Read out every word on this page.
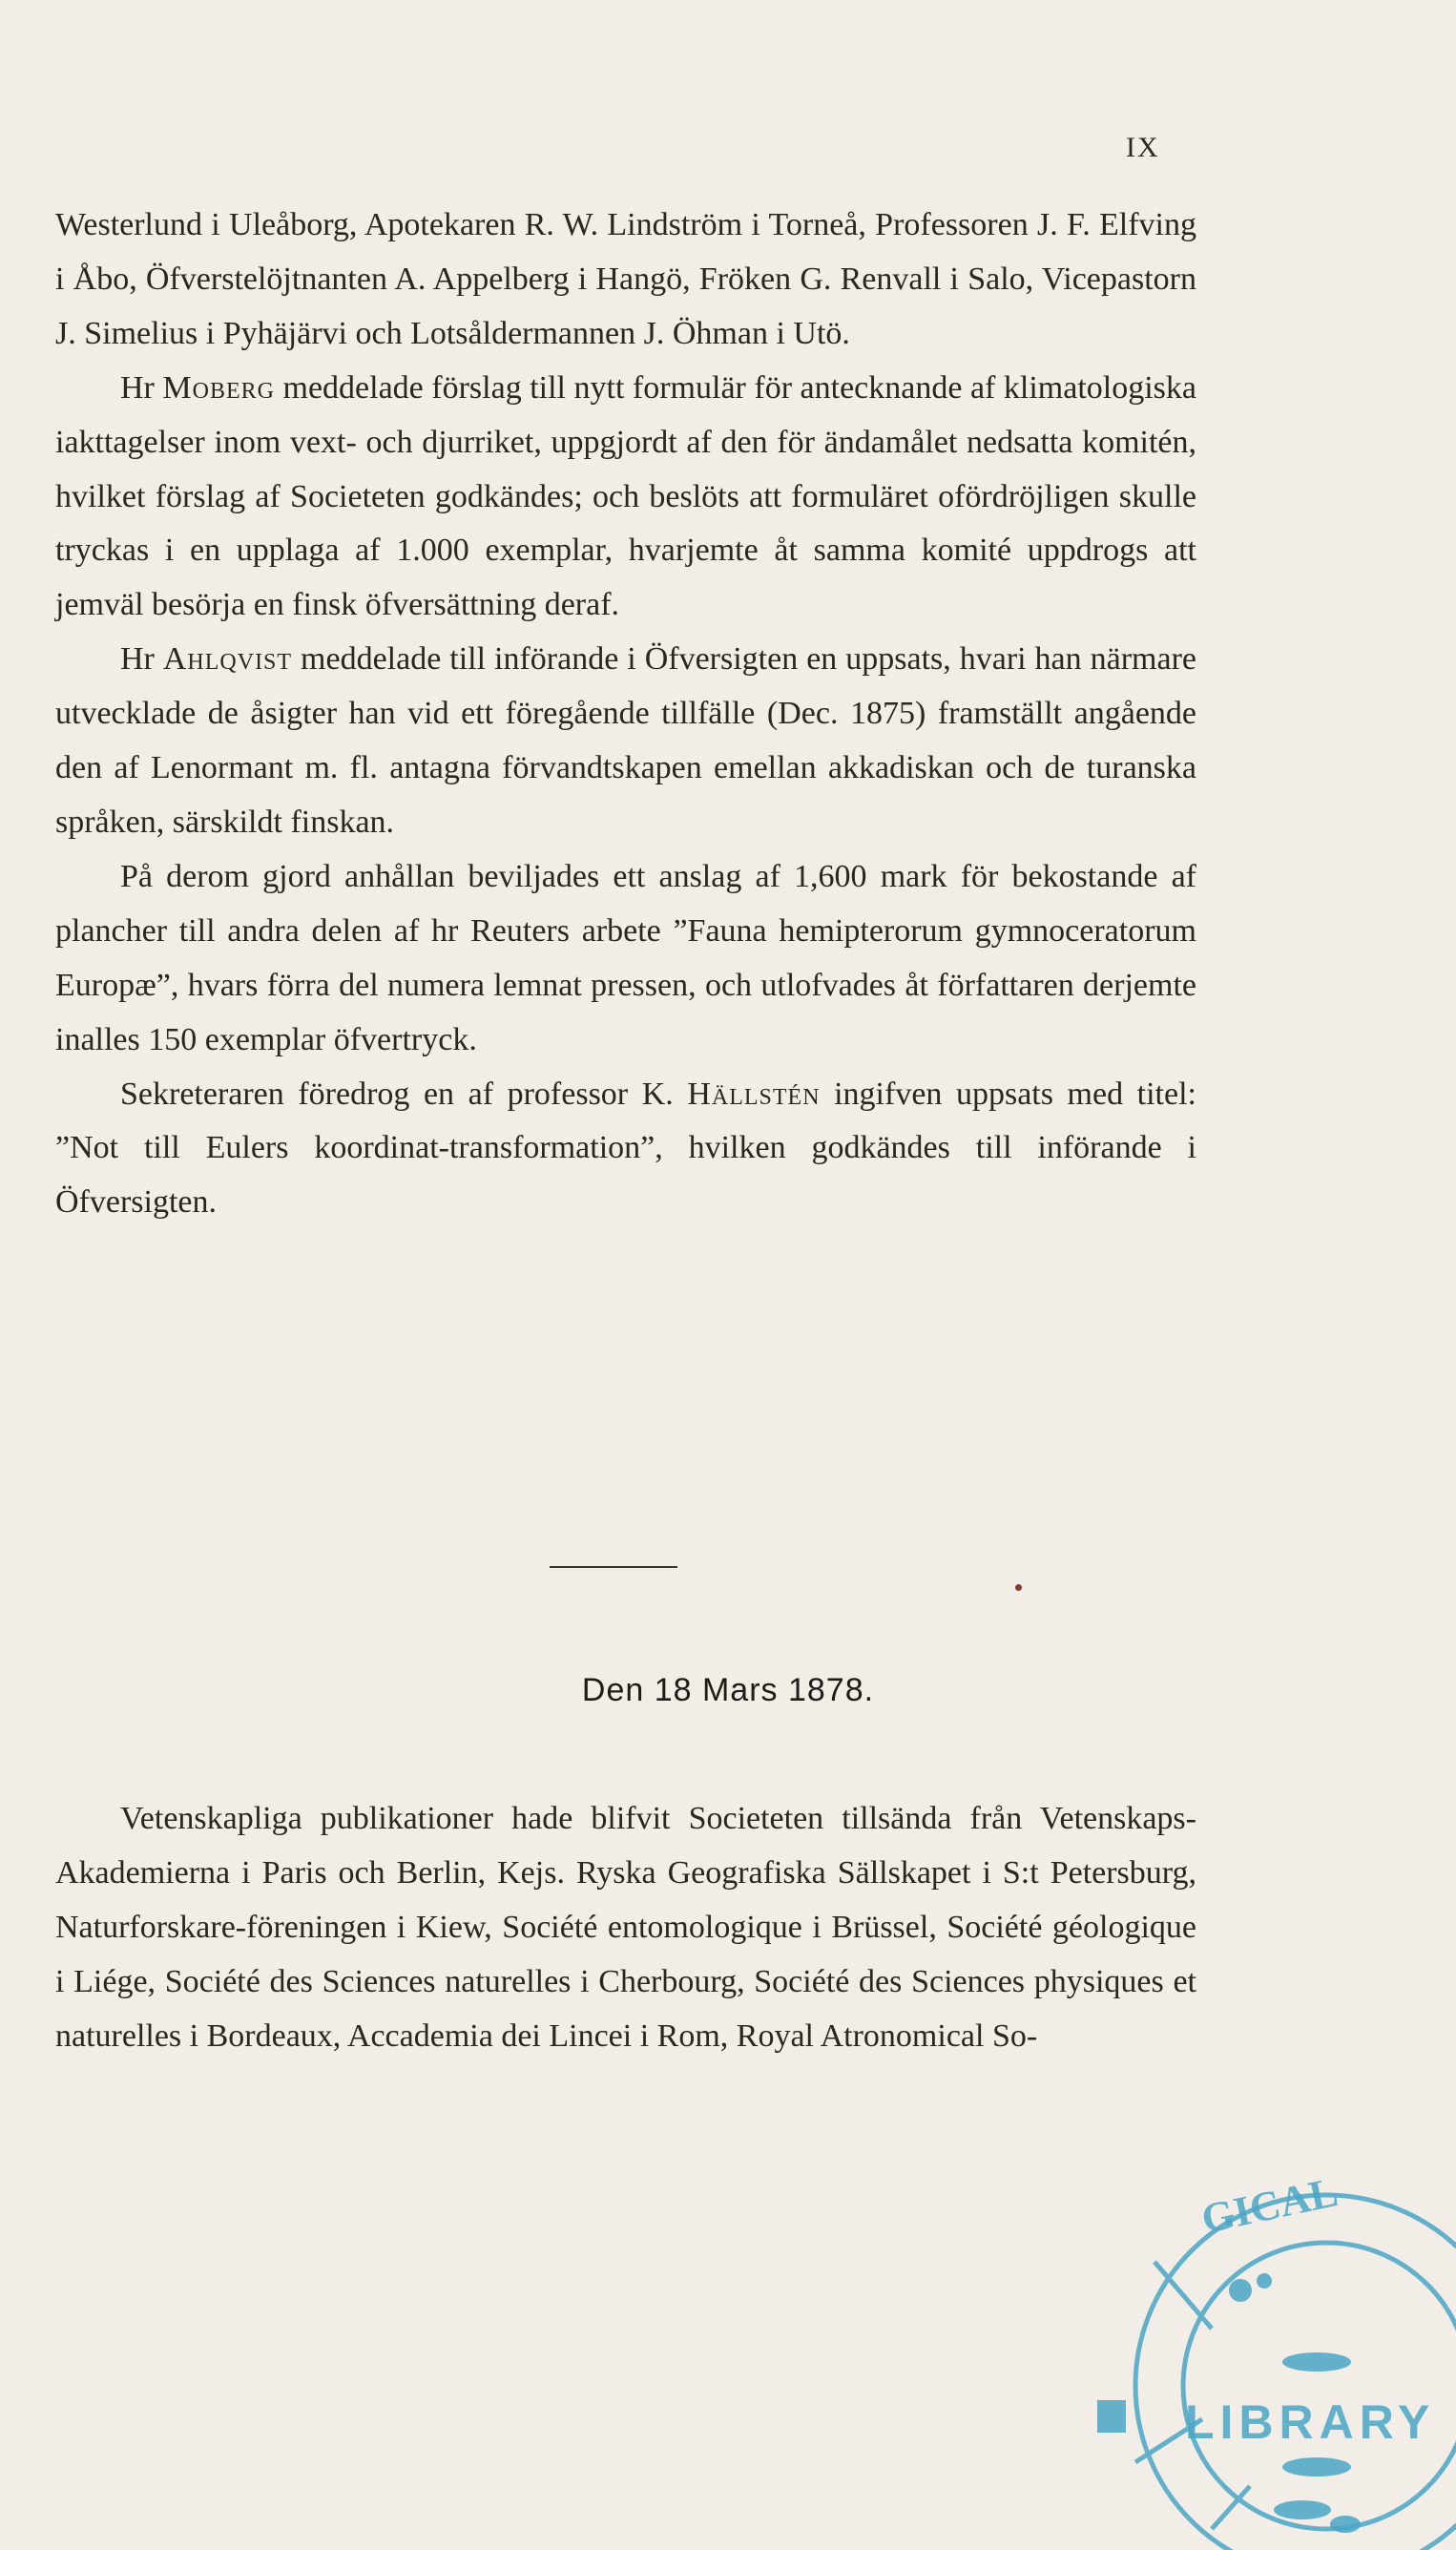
IX

Westerlund i Uleåborg, Apotekaren R. W. Lindström i Torneå, Professoren J. F. Elfving i Åbo, Öfverstelöjtnanten A. Appelberg i Hangö, Fröken G. Renvall i Salo, Vicepastorn J. Simelius i Pyhäjärvi och Lotsåldermannen J. Öhman i Utö.

Hr Moberg meddelade förslag till nytt formulär för antecknande af klimatologiska iakttagelser inom vext- och djurriket, uppgjordt af den för ändamålet nedsatta komitén, hvilket förslag af Societeten godkändes; och beslöts att formuläret ofördröjligen skulle tryckas i en upplaga af 1.000 exemplar, hvarjemte åt samma komité uppdrogs att jemväl besörja en finsk öfversättning deraf.

Hr Ahlqvist meddelade till införande i Öfversigten en uppsats, hvari han närmare utvecklade de åsigter han vid ett föregående tillfälle (Dec. 1875) framställt angående den af Lenormant m. fl. antagna förvandtskapen emellan akkadiskan och de turanska språken, särskildt finskan.

På derom gjord anhållan beviljades ett anslag af 1,600 mark för bekostande af plancher till andra delen af hr Reuters arbete ”Fauna hemipterorum gymnoceratorum Europæ”, hvars förra del numera lemnat pressen, och utlofvades åt författaren derjemte inalles 150 exemplar öfvertryck.

Sekreteraren föredrog en af professor K. Hällstén ingifven uppsats med titel: ”Not till Eulers koordinat-transformation”, hvilken godkändes till införande i Öfversigten.

Den 18 Mars 1878.

Vetenskapliga publikationer hade blifvit Societeten tillsända från Vetenskaps-Akademierna i Paris och Berlin, Kejs. Ryska Geografiska Sällskapet i S:t Petersburg, Naturforskare-föreningen i Kiew, Société entomologique i Brüssel, Société géologique i Liége, Société des Sciences naturelles i Cherbourg, Société des Sciences physiques et naturelles i Bordeaux, Accademia dei Lincei i Rom, Royal Atronomical So-

GICAL
LIBRARY
